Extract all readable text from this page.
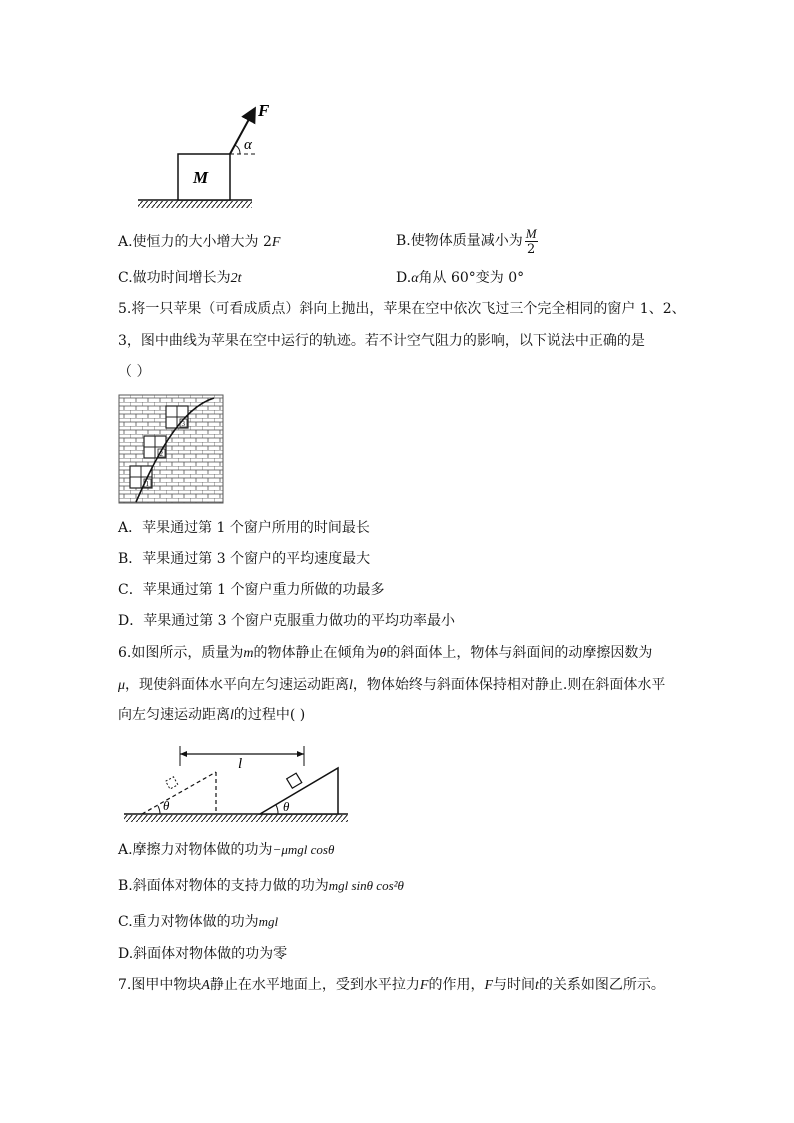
M
F
α
A.使恒力的大小增大为 2F	B.使物体质量减小为 $\frac{M}{2}$
C.做功时间增长为2t	D.α角从 60°变为 0°
5.将一只苹果（可看成质点）斜向上抛出，苹果在空中依次飞过三个完全相同的窗户 1、2、
3，图中曲线为苹果在空中运行的轨迹。若不计空气阻力的影响，以下说法中正确的是
（ ）
1
2
3
A．苹果通过第 1 个窗户所用的时间最长
B．苹果通过第 3 个窗户的平均速度最大
C．苹果通过第 1 个窗户重力所做的功最多
D．苹果通过第 3 个窗户克服重力做功的平均功率最小
6.如图所示，质量为m的物体静止在倾角为θ的斜面体上，物体与斜面间的动摩擦因数为
μ，现使斜面体水平向左匀速运动距离l，物体始终与斜面体保持相对静止.则在斜面体水平
向左匀速运动距离l的过程中( )
θ	θ
l
A.摩擦力对物体做的功为−μmgl cosθ
B.斜面体对物体的支持力做的功为mgl sinθ cos²θ
C.重力对物体做的功为mgl
D.斜面体对物体做的功为零
7.图甲中物块A静止在水平地面上，受到水平拉力F的作用，F与时间t的关系如图乙所示。
